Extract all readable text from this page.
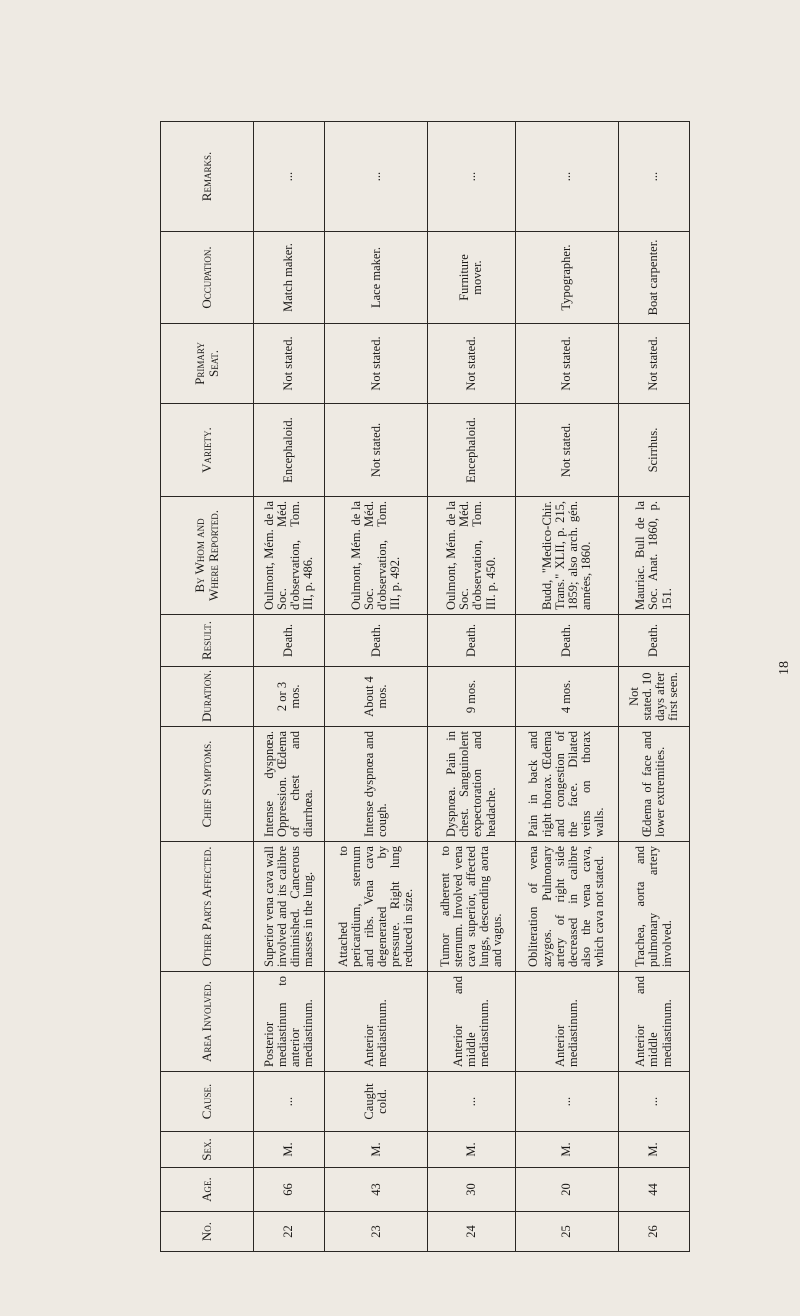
No.	Age.	Sex.	Cause.	Area Involved.	Other Parts Affected.	Chief Symptoms.	Duration.	Result.	By Whom and Where Reported.	Variety.	Primary Seat.	Occupation.	Remarks.
22	66	M.	...	Posterior mediastinum to anterior mediastinum.	Superior vena cava wall involved and its calibre diminished. Cancerous masses in the lung.	Intense dyspnœa. Oppression. Œdema of chest and diarrhœa.	2 or 3 mos.	Death.	Oulmont, Mém. de la Soc. Méd. d'observation, Tom. III, p. 486.	Encephaloid.	Not stated.	Match maker.	...
23	43	M.	Caught cold.	Anterior mediastinum.	Attached to pericardium, sternum and ribs. Vena cava degenerated by pressure. Right lung reduced in size.	Intense dyspnœa and cough.	About 4 mos.	Death.	Oulmont, Mém. de la Soc. Méd. d'observation, Tom. III, p. 492.	Not stated.	Not stated.	Lace maker.	...
24	30	M.	...	Anterior and middle mediastinum.	Tumor adherent to sternum. Involved vena cava superior, affected lungs, descending aorta and vagus.	Dyspnœa. Pain in chest. Sanguinolent expectoration and headache.	9 mos.	Death.	Oulmont, Mém. de la Soc. Méd. d'observation, Tom. III. p. 450.	Encephaloid.	Not stated.	Furniture mover.	...
25	20	M.	...	Anterior mediastinum.	Obliteration of vena azygos. Pulmonary artery of right side decreased in calibre also the vena cava, which cava not stated.	Pain in back and right thorax. Œdema and congestion of the face. Dilated veins on thorax walls.	4 mos.	Death.	Budd, "Medico-Chir. Trans." XLII, p. 215, 1859; also arch. gén. années, 1860.	Not stated.	Not stated.	Typographer.	...
26	44	M.	...	Anterior and middle mediastinum.	Trachea, aorta and pulmonary artery involved.	Œdema of face and lower extremities.	Not stated. 10 days after first seen.	Death.	Mauriac. Bull de la Soc. Anat. 1860, p. 151.	Scirrhus.	Not stated.	Boat carpenter.	...
18
